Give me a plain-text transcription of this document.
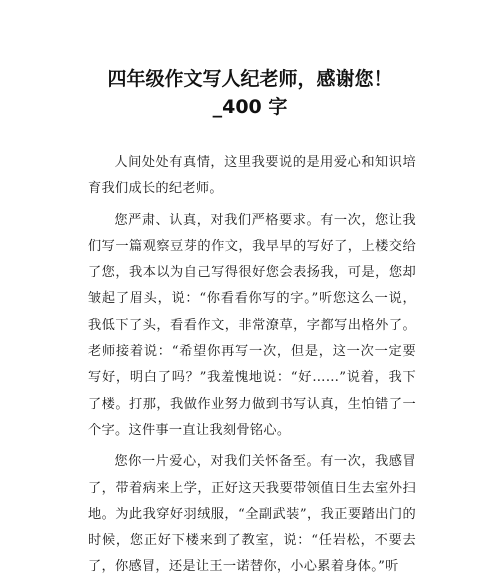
四年级作文写人纪老师，感谢您！
_400 字

人间处处有真情，这里我要说的是用爱心和知识培育我们成长的纪老师。

您严肃、认真，对我们严格要求。有一次，您让我们写一篇观察豆芽的作文，我早早的写好了，上楼交给了您，我本以为自己写得很好您会表扬我，可是，您却皱起了眉头，说：“你看看你写的字。”听您这么一说，我低下了头，看看作文，非常潦草，字都写出格外了。老师接着说：“希望你再写一次，但是，这一次一定要写好，明白了吗？”我羞愧地说：“好……”说着，我下了楼。打那，我做作业努力做到书写认真，生怕错了一个字。这件事一直让我刻骨铭心。

您你一片爱心，对我们关怀备至。有一次，我感冒了，带着病来上学，正好这天我要带领值日生去室外扫地。为此我穿好羽绒服，“全副武装”，我正要踏出门的时候，您正好下楼来到了教室，说：“任岩松，不要去了，你感冒，还是让王一诺替你，小心累着身体。”听
